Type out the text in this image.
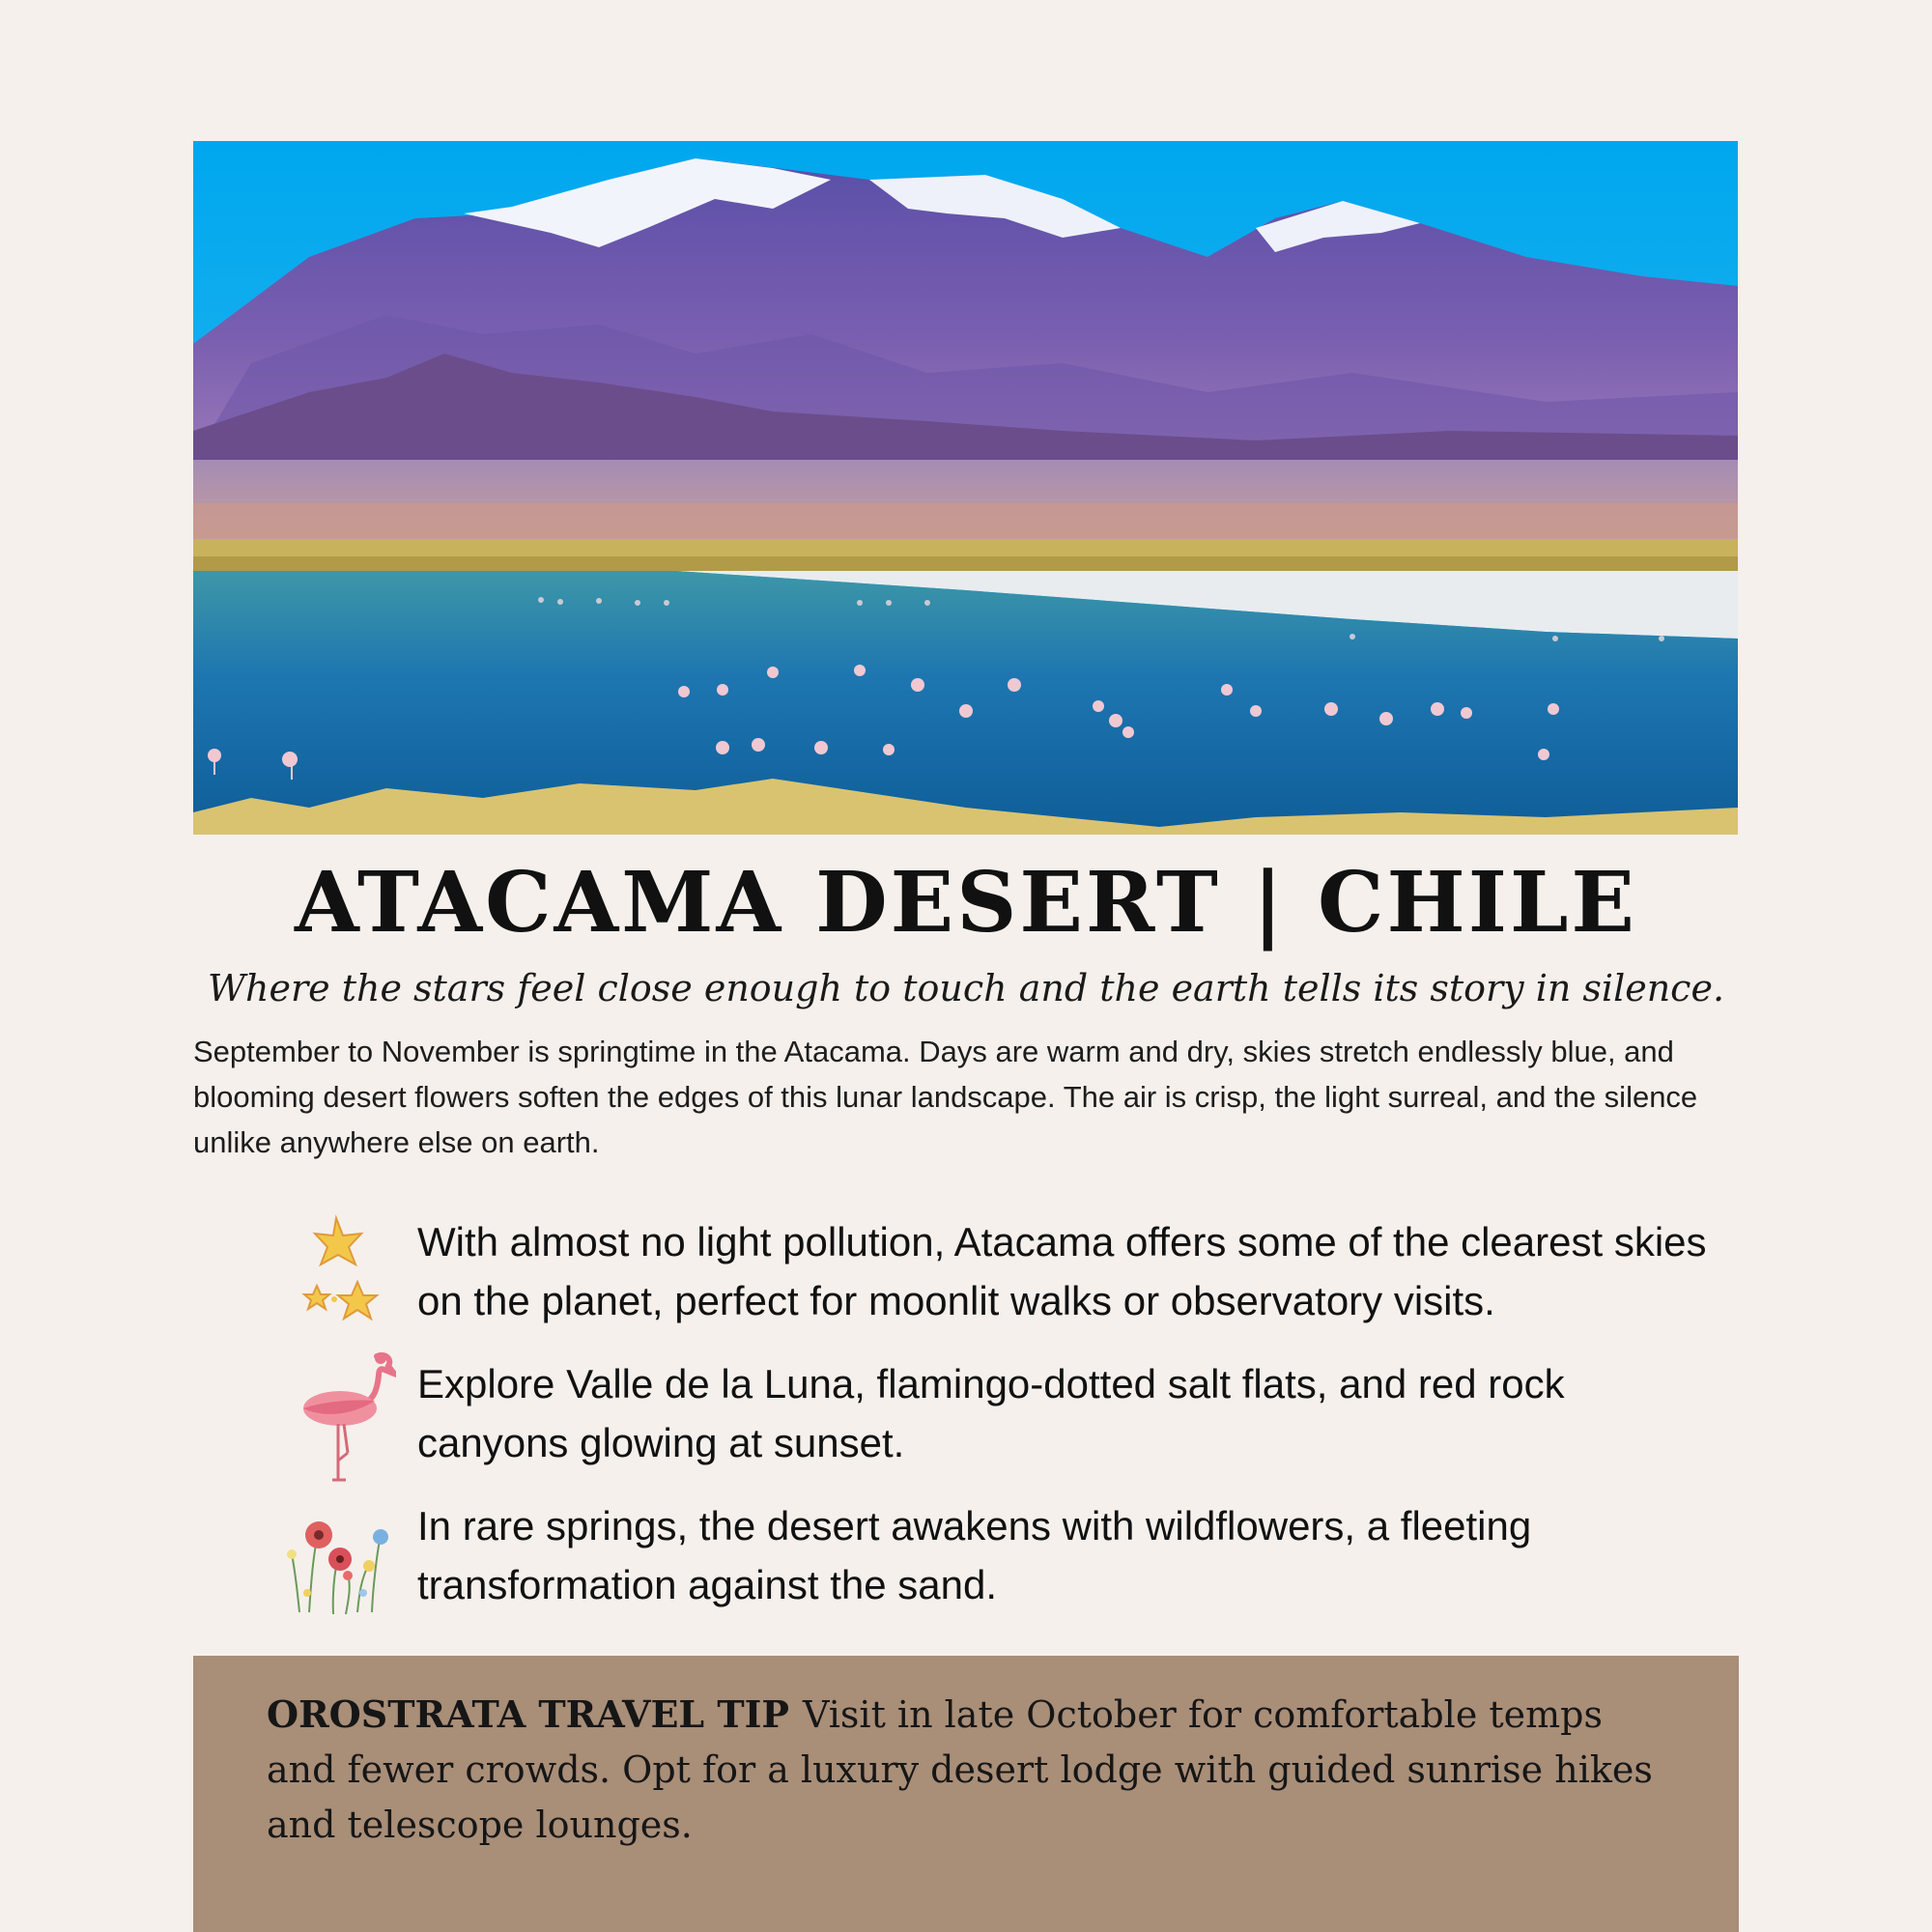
ATACAMA DESERT | CHILE

Where the stars feel close enough to touch and the earth tells its story in silence.

September to November is springtime in the Atacama. Days are warm and dry, skies stretch endlessly blue, and blooming desert flowers soften the edges of this lunar landscape. The air is crisp, the light surreal, and the silence unlike anywhere else on earth.

With almost no light pollution, Atacama offers some of the clearest skies on the planet, perfect for moonlit walks or observatory visits.
Explore Valle de la Luna, flamingo-dotted salt flats, and red rock canyons glowing at sunset.
In rare springs, the desert awakens with wildflowers, a fleeting transformation against the sand.

OROSTRATA TRAVEL TIP Visit in late October for comfortable temps and fewer crowds. Opt for a luxury desert lodge with guided sunrise hikes and telescope lounges.
